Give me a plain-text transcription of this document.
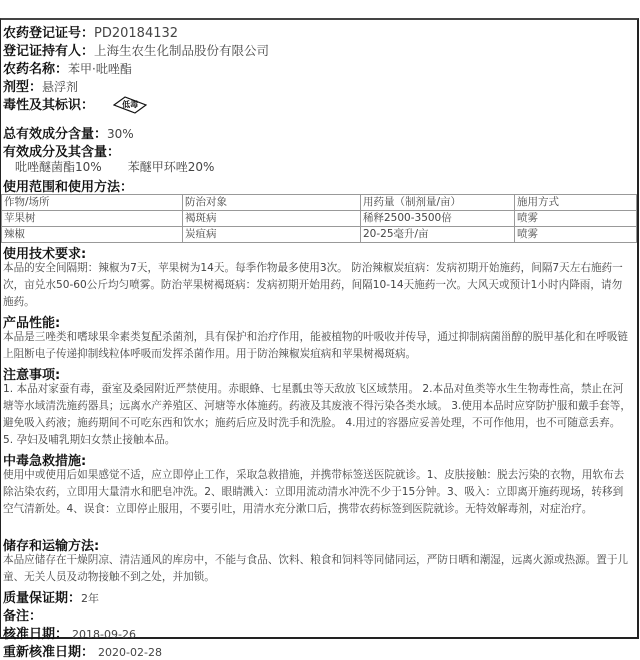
农药登记证号：PD20184132
登记证持有人：上海生农生化制品股份有限公司
农药名称：苯甲·吡唑酯
剂型：悬浮剂
毒性及其标识：	低毒
总有效成分含量：30%
有效成分及其含量：
吡唑醚菌酯10% 苯醚甲环唑20%
使用范围和使用方法：
作物/场所	防治对象	用药量（制剂量/亩）	施用方式
苹果树	褐斑病	稀释2500-3500倍	喷雾
辣椒	炭疽病	20-25毫升/亩	喷雾
使用技术要求:
本品的安全间隔期：辣椒为7天，苹果树为14天。每季作物最多使用3次。 防治辣椒炭疽病：发病初期开始施药，间隔7天左右施药一次，亩兑水50-60公斤均匀喷雾。防治苹果树褐斑病：发病初期开始用药，间隔10-14天施药一次。大风天或预计1小时内降雨，请勿施药。
产品性能:
本品是三唑类和嗜球果伞素类复配杀菌剂，具有保护和治疗作用，能被植物的叶吸收并传导，通过抑制病菌甾醇的脱甲基化和在呼吸链上阻断电子传递抑制线粒体呼吸而发挥杀菌作用。用于防治辣椒炭疽病和苹果树褐斑病。
注意事项:
1. 本品对家蚕有毒，蚕室及桑园附近严禁使用。赤眼蜂、七星瓢虫等天敌放飞区域禁用。 2.本品对鱼类等水生生物毒性高，禁止在河塘等水域清洗施药器具；远离水产养殖区、河塘等水体施药。药液及其废液不得污染各类水域。 3.使用本品时应穿防护服和戴手套等，避免吸入药液；施药期间不可吃东西和饮水；施药后应及时洗手和洗脸。 4.用过的容器应妥善处理，不可作他用，也不可随意丢弃。 5. 孕妇及哺乳期妇女禁止接触本品。
中毒急救措施:
使用中或使用后如果感觉不适，应立即停止工作，采取急救措施，并携带标签送医院就诊。1、皮肤接触：脱去污染的衣物，用软布去除沾染农药，立即用大量清水和肥皂冲洗。2、眼睛溅入：立即用流动清水冲洗不少于15分钟。3、吸入：立即离开施药现场，转移到空气清新处。4、误食：立即停止服用，不要引吐，用清水充分漱口后，携带农药标签到医院就诊。无特效解毒剂，对症治疗。
储存和运输方法:
本品应储存在干燥阴凉、清洁通风的库房中，不能与食品、饮料、粮食和饲料等同储同运，严防日晒和潮湿，远离火源或热源。置于儿童、无关人员及动物接触不到之处，并加锁。
质量保证期：2年
备注：
核准日期： 2018-09-26
重新核准日期： 2020-02-28
